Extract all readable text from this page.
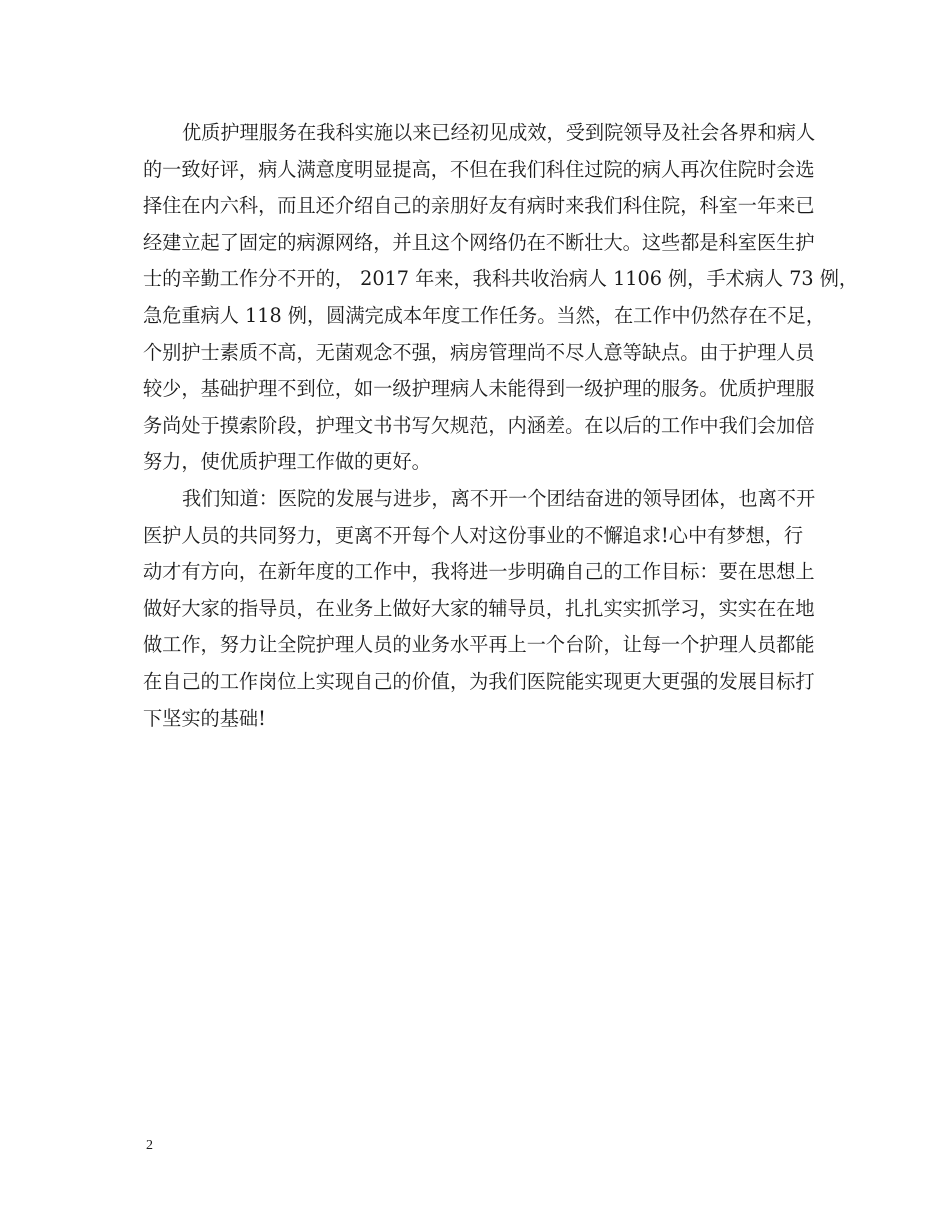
优质护理服务在我科实施以来已经初见成效，受到院领导及社会各界和病人
的一致好评，病人满意度明显提高，不但在我们科住过院的病人再次住院时会选
择住在内六科，而且还介绍自己的亲朋好友有病时来我们科住院，科室一年来已
经建立起了固定的病源网络，并且这个网络仍在不断壮大。这些都是科室医生护
士的辛勤工作分不开的， 2017 年来，我科共收治病人 1106 例，手术病人 73 例，
急危重病人 118 例，圆满完成本年度工作任务。当然，在工作中仍然存在不足，
个别护士素质不高，无菌观念不强，病房管理尚不尽人意等缺点。由于护理人员
较少，基础护理不到位，如一级护理病人未能得到一级护理的服务。优质护理服
务尚处于摸索阶段，护理文书书写欠规范，内涵差。在以后的工作中我们会加倍
努力，使优质护理工作做的更好。

我们知道：医院的发展与进步，离不开一个团结奋进的领导团体，也离不开
医护人员的共同努力，更离不开每个人对这份事业的不懈追求!心中有梦想，行
动才有方向，在新年度的工作中，我将进一步明确自己的工作目标：要在思想上
做好大家的指导员，在业务上做好大家的辅导员，扎扎实实抓学习，实实在在地
做工作，努力让全院护理人员的业务水平再上一个台阶，让每一个护理人员都能
在自己的工作岗位上实现自己的价值，为我们医院能实现更大更强的发展目标打
下坚实的基础!

2
